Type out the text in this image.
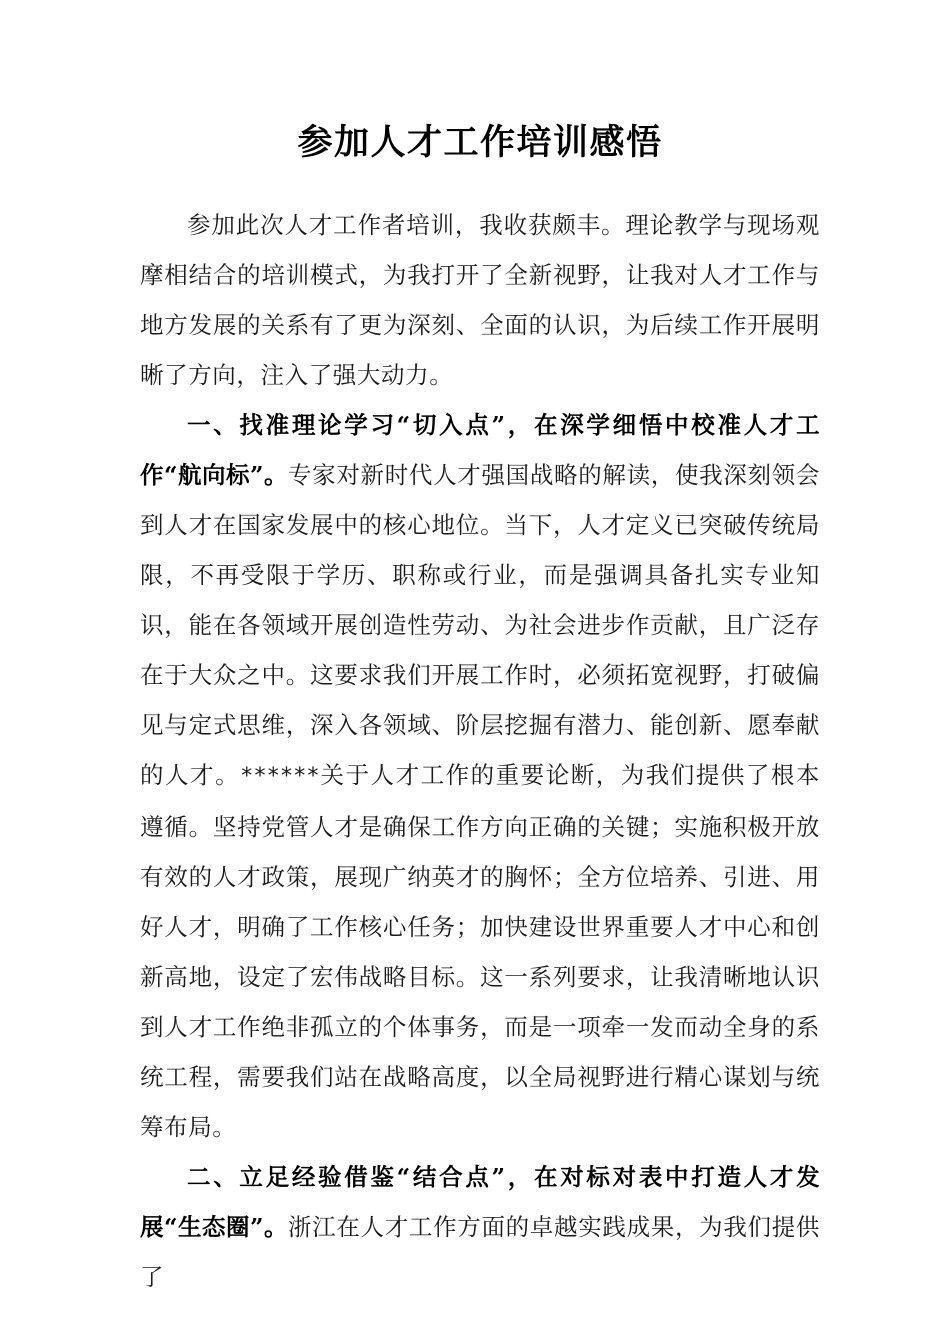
参加人才工作培训感悟

参加此次人才工作者培训，我收获颇丰。理论教学与现场观摩相结合的培训模式，为我打开了全新视野，让我对人才工作与地方发展的关系有了更为深刻、全面的认识，为后续工作开展明晰了方向，注入了强大动力。

一、找准理论学习“切入点”，在深学细悟中校准人才工作“航向标”。专家对新时代人才强国战略的解读，使我深刻领会到人才在国家发展中的核心地位。当下，人才定义已突破传统局限，不再受限于学历、职称或行业，而是强调具备扎实专业知识，能在各领域开展创造性劳动、为社会进步作贡献，且广泛存在于大众之中。这要求我们开展工作时，必须拓宽视野，打破偏见与定式思维，深入各领域、阶层挖掘有潜力、能创新、愿奉献的人才。******关于人才工作的重要论断，为我们提供了根本遵循。坚持党管人才是确保工作方向正确的关键；实施积极开放有效的人才政策，展现广纳英才的胸怀；全方位培养、引进、用好人才，明确了工作核心任务；加快建设世界重要人才中心和创新高地，设定了宏伟战略目标。这一系列要求，让我清晰地认识到人才工作绝非孤立的个体事务，而是一项牵一发而动全身的系统工程，需要我们站在战略高度，以全局视野进行精心谋划与统筹布局。

二、立足经验借鉴“结合点”，在对标对表中打造人才发展“生态圈”。浙江在人才工作方面的卓越实践成果，为我们提供了
